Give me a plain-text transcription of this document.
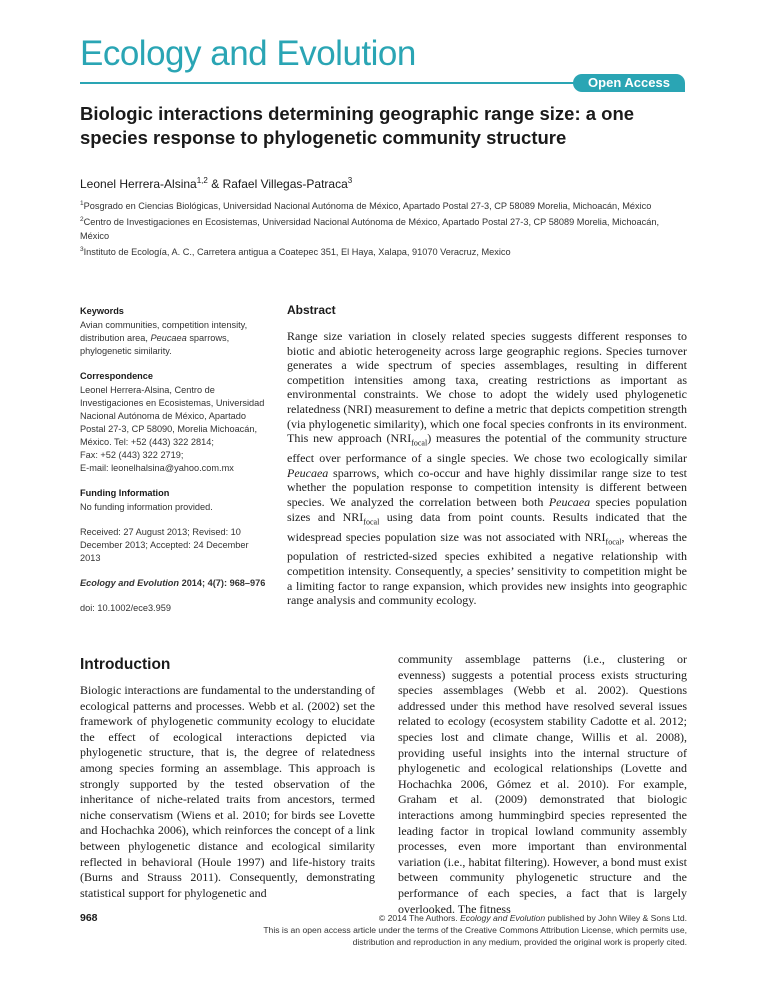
Ecology and Evolution
Open Access
Biologic interactions determining geographic range size: a one species response to phylogenetic community structure
Leonel Herrera-Alsina$^{1,2}$ & Rafael Villegas-Patraca$^3$
$^1$Posgrado en Ciencias Biológicas, Universidad Nacional Autónoma de México, Apartado Postal 27-3, CP 58089 Morelia, Michoacán, México
$^2$Centro de Investigaciones en Ecosistemas, Universidad Nacional Autónoma de México, Apartado Postal 27-3, CP 58089 Morelia, Michoacán, México
$^3$Instituto de Ecología, A. C., Carretera antigua a Coatepec 351, El Haya, Xalapa, 91070 Veracruz, Mexico
Keywords
Avian communities, competition intensity, distribution area, Peucaea sparrows, phylogenetic similarity.
Correspondence
Leonel Herrera-Alsina, Centro de
Investigaciones en Ecosistemas, Universidad
Nacional Autónoma de México, Apartado
Postal 27-3, CP 58090, Morelia Michoacán,
México. Tel: +52 (443) 322 2814;
Fax: +52 (443) 322 2719;
E-mail: leonelhalsina@yahoo.com.mx
Funding Information
No funding information provided.
Received: 27 August 2013; Revised: 10 December 2013; Accepted: 24 December 2013
Ecology and Evolution 2014; 4(7): 968–976
doi: 10.1002/ece3.959
Abstract

Range size variation in closely related species suggests different responses to biotic and abiotic heterogeneity across large geographic regions. Species turnover generates a wide spectrum of species assemblages, resulting in different competition intensities among taxa, creating restrictions as important as environmental constraints. We chose to adopt the widely used phylogenetic relatedness (NRI) measurement to define a metric that depicts competition strength (via phylogenetic similarity), which one focal species confronts in its environment. This new approach $(NRI_{focal})$ measures the potential of the community structure effect over performance of a single species. We chose two ecologically similar Peucaea sparrows, which co-occur and have highly dissimilar range size to test whether the population response to competition intensity is different between species. We analyzed the correlation between both Peucaea species population sizes and $NRI_{focal}$ using data from point counts. Results indicated that the widespread species population size was not associated with $NRI_{focal}$, whereas the population of restricted-sized species exhibited a negative relationship with competition intensity. Consequently, a species’ sensitivity to competition might be a limiting factor to range expansion, which provides new insights into geographic range analysis and community ecology.

Introduction

Biologic interactions are fundamental to the understanding of ecological patterns and processes. Webb et al. (2002) set the framework of phylogenetic community ecology to elucidate the effect of ecological interactions depicted via phylogenetic structure, that is, the degree of relatedness among species forming an assemblage. This approach is strongly supported by the tested observation of the inheritance of niche-related traits from ancestors, termed niche conservatism (Wiens et al. 2010; for birds see Lovette and Hochachka 2006), which reinforces the concept of a link between phylogenetic distance and ecological similarity reflected in behavioral (Houle 1997) and life-history traits (Burns and Strauss 2011). Consequently, demonstrating statistical support for phylogenetic and

community assemblage patterns (i.e., clustering or evenness) suggests a potential process exists structuring species assemblages (Webb et al. 2002). Questions addressed under this method have resolved several issues related to ecology (ecosystem stability Cadotte et al. 2012; species lost and climate change, Willis et al. 2008), providing useful insights into the internal structure of phylogenetic and ecological relationships (Lovette and Hochachka 2006, Gómez et al. 2010). For example, Graham et al. (2009) demonstrated that biologic interactions among hummingbird species represented the leading factor in tropical lowland community assembly processes, even more important than environmental variation (i.e., habitat filtering). However, a bond must exist between community phylogenetic structure and the performance of each species, a fact that is largely overlooked. The fitness

968	© 2014 The Authors. Ecology and Evolution published by John Wiley & Sons Ltd.
This is an open access article under the terms of the Creative Commons Attribution License, which permits use, distribution and reproduction in any medium, provided the original work is properly cited.
